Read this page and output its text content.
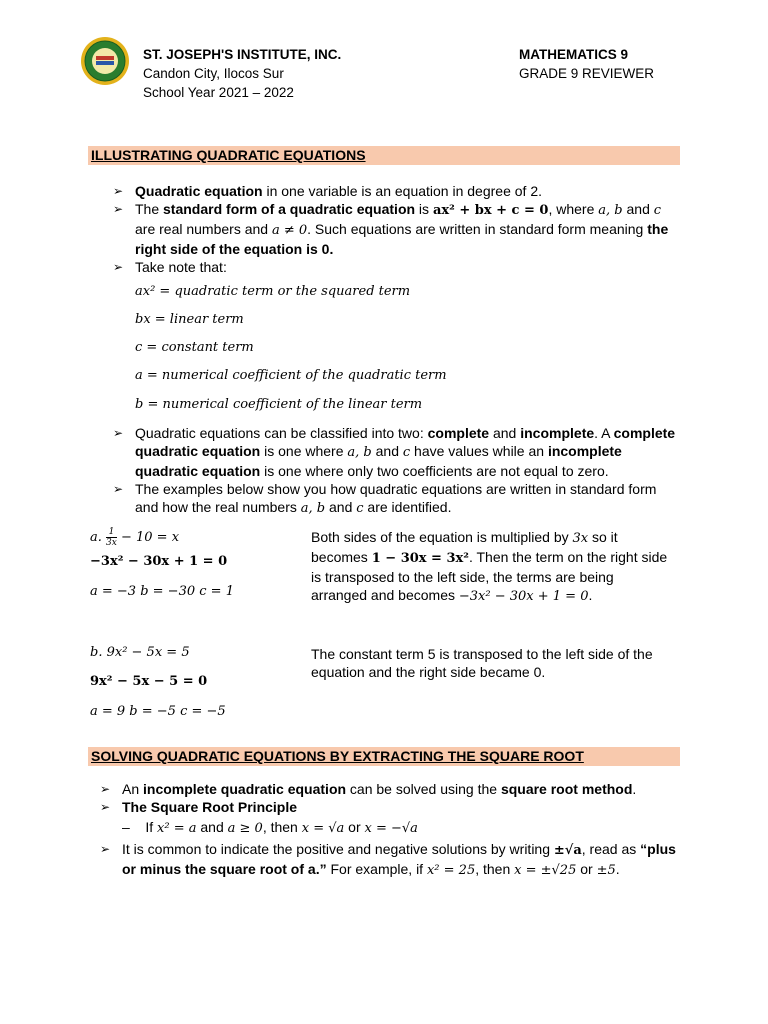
ST. JOSEPH'S INSTITUTE, INC.
Candon City, Ilocos Sur
School Year 2021 – 2022
MATHEMATICS 9
GRADE 9 REVIEWER
ILLUSTRATING QUADRATIC EQUATIONS
➢ Quadratic equation in one variable is an equation in degree of 2.
➢ The standard form of a quadratic equation is ax² + bx + c = 0, where a, b and c are real numbers and a ≠ 0. Such equations are written in standard form meaning the right side of the equation is 0.
➢ Take note that:
ax² = quadratic term or the squared term
bx = linear term
c = constant term
a = numerical coefficient of the quadratic term
b = numerical coefficient of the linear term
➢ Quadratic equations can be classified into two: complete and incomplete. A complete quadratic equation is one where a, b and c have values while an incomplete quadratic equation is one where only two coefficients are not equal to zero.
➢ The examples below show you how quadratic equations are written in standard form and how the real numbers a, b and c are identified.
a. $\frac{1}{3x} - 10 = x$
−3x² − 30x + 1 = 0
a = −3 b = −30 c = 1
Both sides of the equation is multiplied by 3x so it becomes 1 − 30x = 3x². Then the term on the right side is transposed to the left side, the terms are being arranged and becomes −3x² − 30x + 1 = 0.
b. 9x² − 5x = 5
9x² − 5x − 5 = 0
a = 9 b = −5 c = −5
The constant term 5 is transposed to the left side of the equation and the right side became 0.
SOLVING QUADRATIC EQUATIONS BY EXTRACTING THE SQUARE ROOT
➢ An incomplete quadratic equation can be solved using the square root method.
➢ The Square Root Principle
– If x² = a and a ≥ 0, then x = √a or x = −√a
➢ It is common to indicate the positive and negative solutions by writing ±√a, read as “plus or minus the square root of a.” For example, if x² = 25, then x = ±√25 or ±5.
